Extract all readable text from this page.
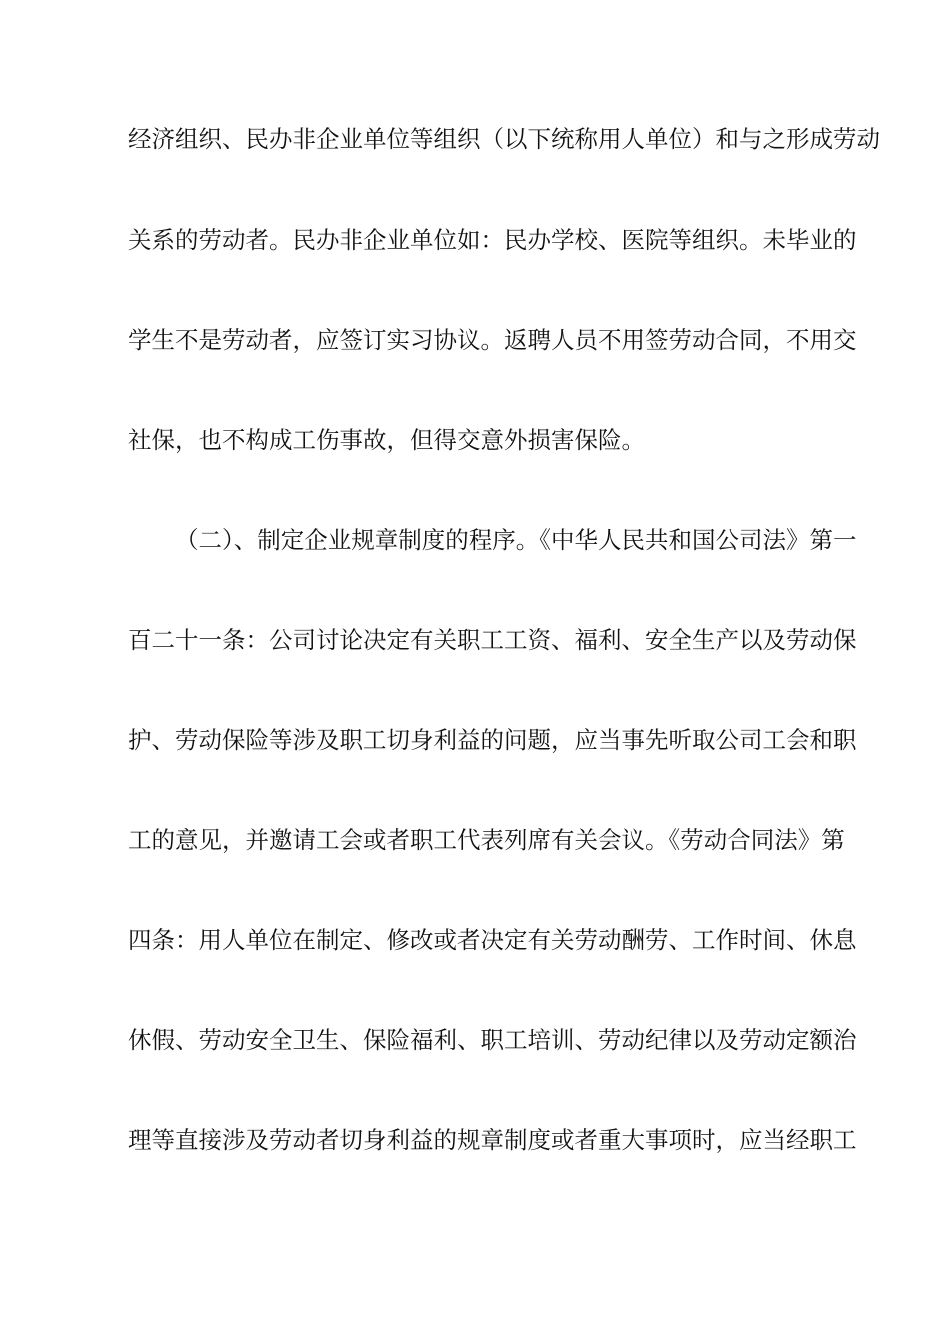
经济组织、民办非企业单位等组织（以下统称用人单位）和与之形成劳动
关系的劳动者。民办非企业单位如：民办学校、医院等组织。未毕业的
学生不是劳动者，应签订实习协议。返聘人员不用签劳动合同，不用交
社保，也不构成工伤事故，但得交意外损害保险。
（二）、制定企业规章制度的程序。《中华人民共和国公司法》第一
百二十一条：公司讨论决定有关职工工资、福利、安全生产以及劳动保
护、劳动保险等涉及职工切身利益的问题，应当事先听取公司工会和职
工的意见，并邀请工会或者职工代表列席有关会议。《劳动合同法》第
四条：用人单位在制定、修改或者决定有关劳动酬劳、工作时间、休息
休假、劳动安全卫生、保险福利、职工培训、劳动纪律以及劳动定额治
理等直接涉及劳动者切身利益的规章制度或者重大事项时，应当经职工
